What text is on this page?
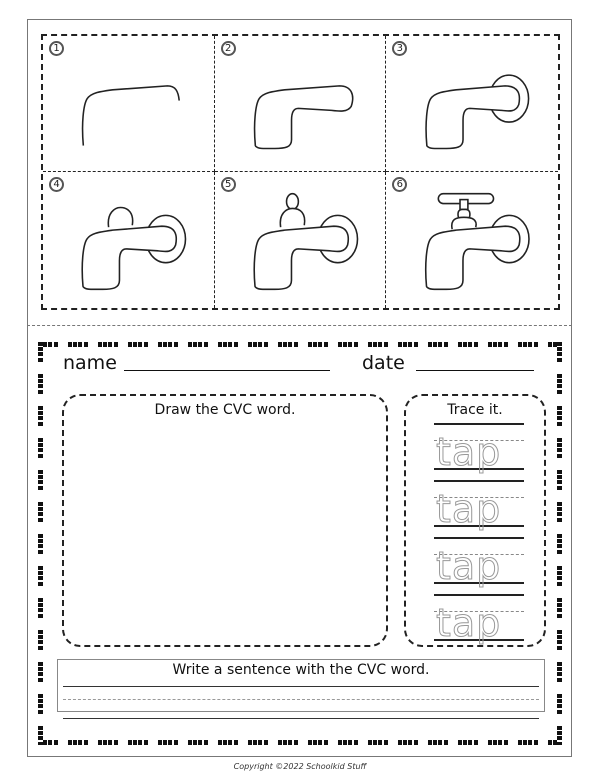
1	2	3
4	5	6
name	date
Draw the CVC word.	Trace it.
tap
tap
tap
tap
Write a sentence with the CVC word.
Copyright ©2022 Schoolkid Stuff
